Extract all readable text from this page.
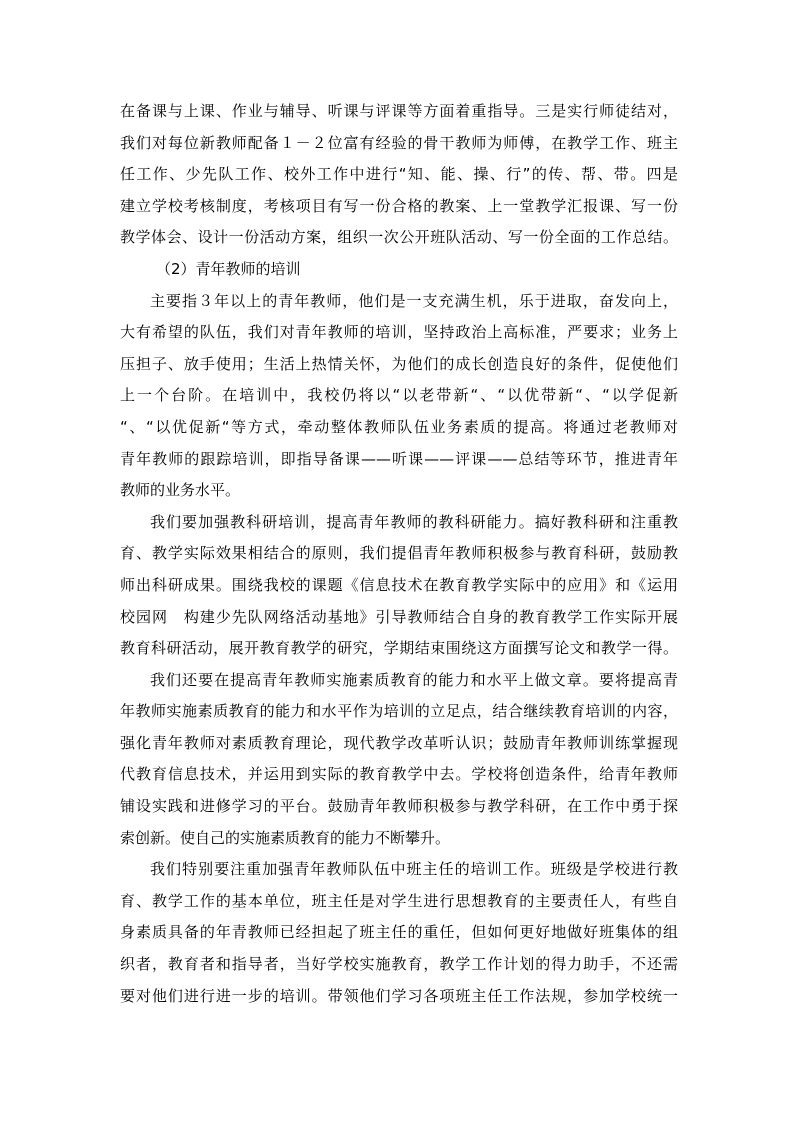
在备课与上课、作业与辅导、听课与评课等方面着重指导。三是实行师徒结对，
我们对每位新教师配备１－２位富有经验的骨干教师为师傅，在教学工作、班主
任工作、少先队工作、校外工作中进行“知、能、操、行”的传、帮、带。四是
建立学校考核制度，考核项目有写一份合格的教案、上一堂教学汇报课、写一份
教学体会、设计一份活动方案，组织一次公开班队活动、写一份全面的工作总结。
（2）青年教师的培训
主要指３年以上的青年教师，他们是一支充满生机，乐于进取，奋发向上，
大有希望的队伍，我们对青年教师的培训，坚持政治上高标准，严要求；业务上
压担子、放手使用；生活上热情关怀，为他们的成长创造良好的条件，促使他们
上一个台阶。在培训中，我校仍将以“以老带新“、“以优带新“、“以学促新
“、“以优促新“等方式，牵动整体教师队伍业务素质的提高。将通过老教师对
青年教师的跟踪培训，即指导备课——听课——评课——总结等环节，推进青年
教师的业务水平。
我们要加强教科研培训，提高青年教师的教科研能力。搞好教科研和注重教
育、教学实际效果相结合的原则，我们提倡青年教师积极参与教育科研，鼓励教
师出科研成果。围绕我校的课题《信息技术在教育教学实际中的应用》和《运用
校园网　构建少先队网络活动基地》引导教师结合自身的教育教学工作实际开展
教育科研活动，展开教育教学的研究，学期结束围绕这方面撰写论文和教学一得。
我们还要在提高青年教师实施素质教育的能力和水平上做文章。要将提高青
年教师实施素质教育的能力和水平作为培训的立足点，结合继续教育培训的内容，
强化青年教师对素质教育理论，现代教学改革听认识；鼓励青年教师训练掌握现
代教育信息技术，并运用到实际的教育教学中去。学校将创造条件，给青年教师
铺设实践和进修学习的平台。鼓励青年教师积极参与教学科研，在工作中勇于探
索创新。使自己的实施素质教育的能力不断攀升。
我们特别要注重加强青年教师队伍中班主任的培训工作。班级是学校进行教
育、教学工作的基本单位，班主任是对学生进行思想教育的主要责任人，有些自
身素质具备的年青教师已经担起了班主任的重任，但如何更好地做好班集体的组
织者，教育者和指导者，当好学校实施教育，教学工作计划的得力助手，不还需
要对他们进行进一步的培训。带领他们学习各项班主任工作法规，参加学校统一
